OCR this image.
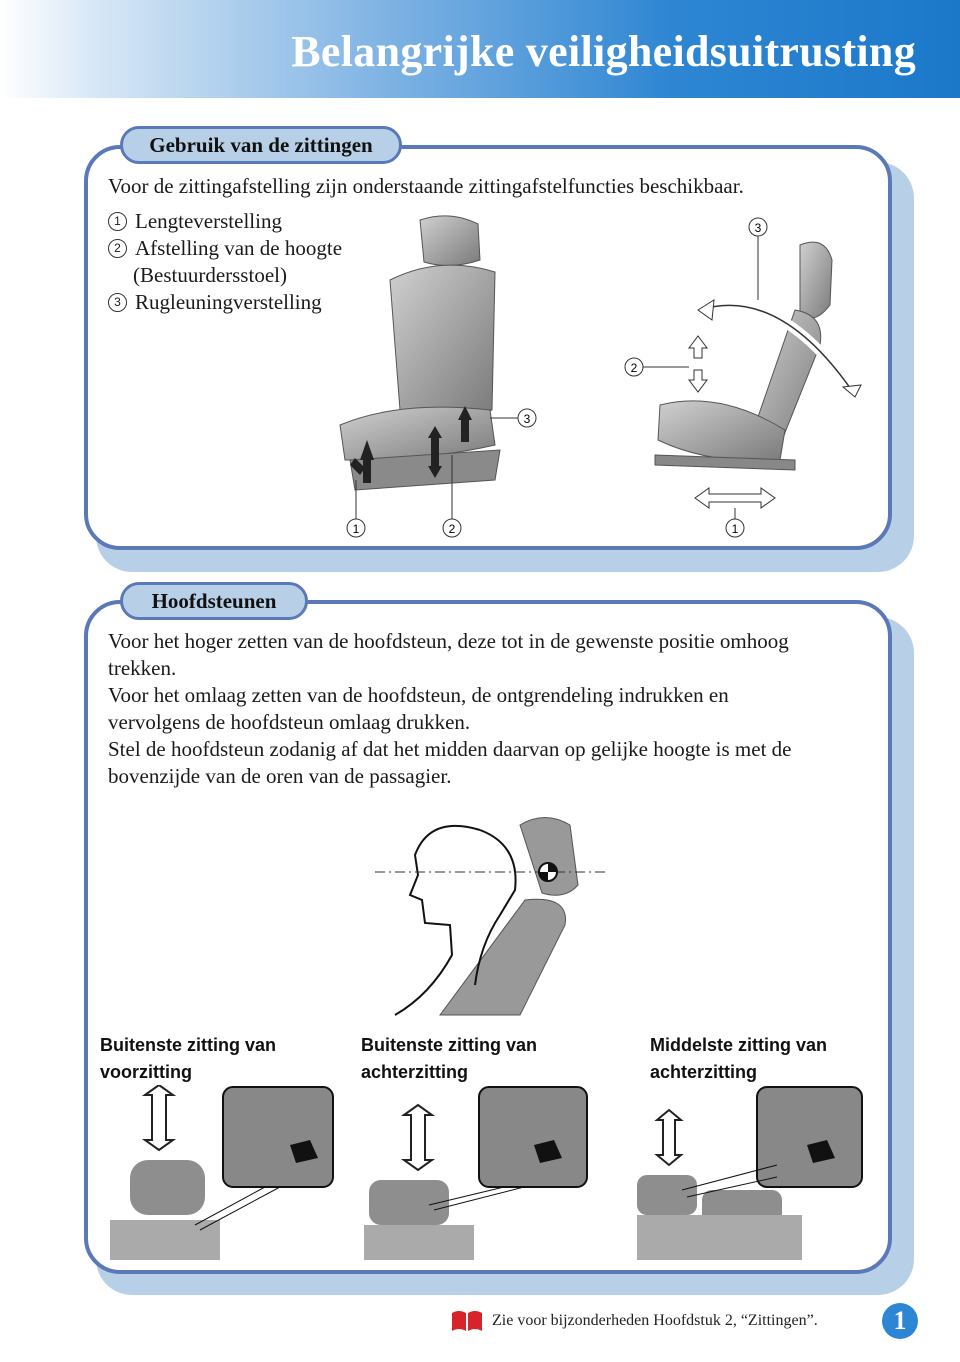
Belangrijke veiligheidsuitrusting
Gebruik van de zittingen
Voor de zittingafstelling zijn onderstaande zittingafstelfuncties beschikbaar.
1 Lengteverstelling
2 Afstelling van de hoogte
(Bestuurdersstoel)
3 Rugleuningverstelling
1	2
3
3
2
1
Hoofdsteunen
Voor het hoger zetten van de hoofdsteun, deze tot in de gewenste positie omhoog
trekken.
Voor het omlaag zetten van de hoofdsteun, de ontgrendeling indrukken en
vervolgens de hoofdsteun omlaag drukken.
Stel de hoofdsteun zodanig af dat het midden daarvan op gelijke hoogte is met de
bovenzijde van de oren van de passagier.
Buitenste zitting van
voorzitting
Buitenste zitting van
achterzitting
Middelste zitting van
achterzitting
Zie voor bijzonderheden Hoofdstuk 2, “Zittingen”.	1
